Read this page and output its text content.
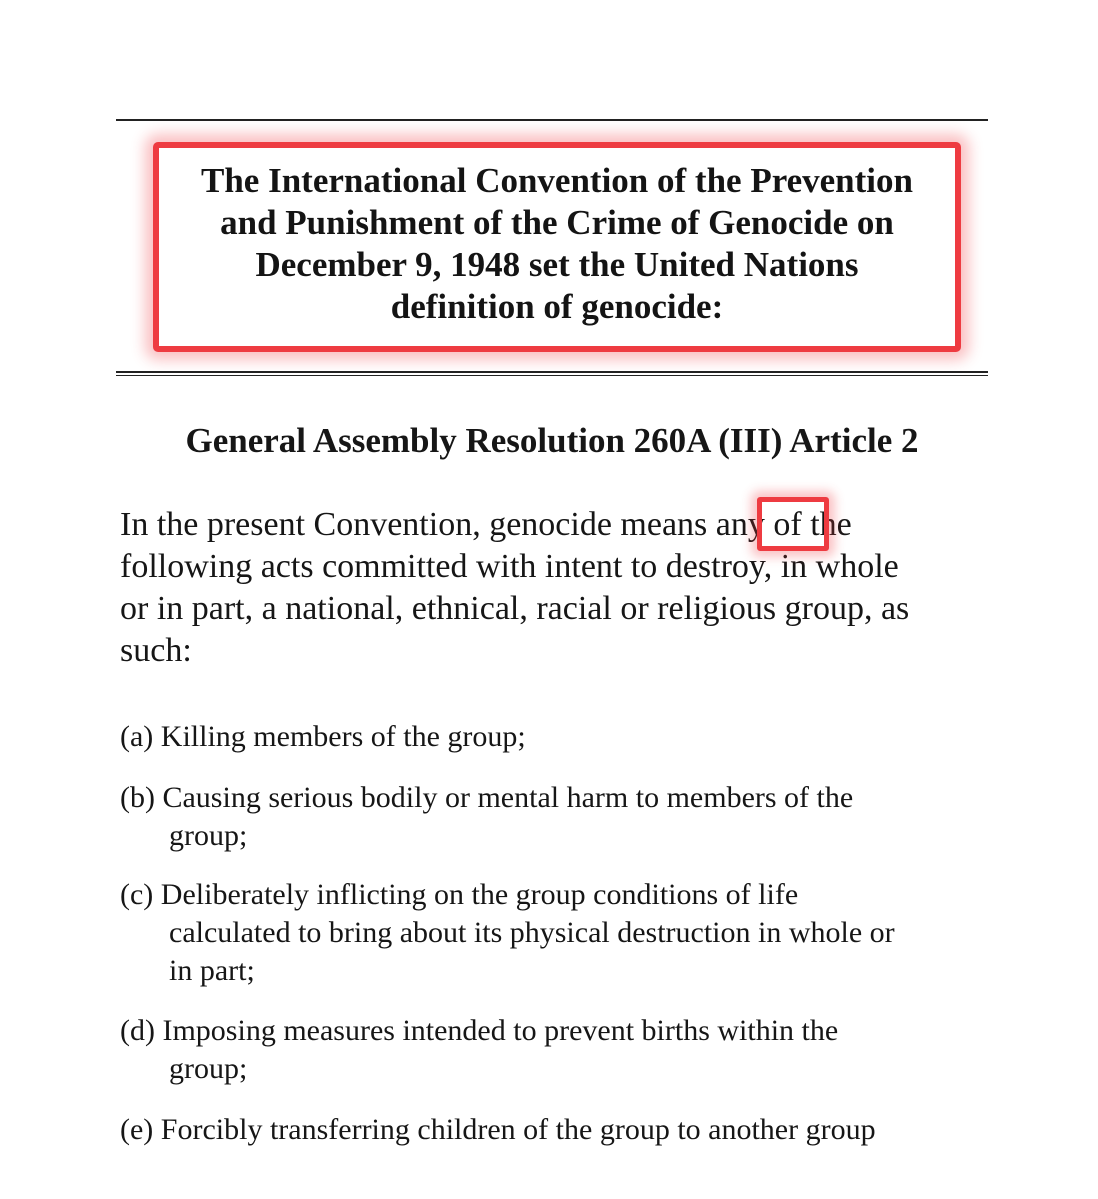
The International Convention of the Prevention
and Punishment of the Crime of Genocide on
December 9, 1948 set the United Nations
definition of genocide:
General Assembly Resolution 260A (III) Article 2
In the present Convention, genocide means any of the
following acts committed with intent to destroy, in whole
or in part, a national, ethnical, racial or religious group, as
such:
(a) Killing members of the group;
(b) Causing serious bodily or mental harm to members of the
group;
(c) Deliberately inflicting on the group conditions of life
calculated to bring about its physical destruction in whole or
in part;
(d) Imposing measures intended to prevent births within the
group;
(e) Forcibly transferring children of the group to another group
